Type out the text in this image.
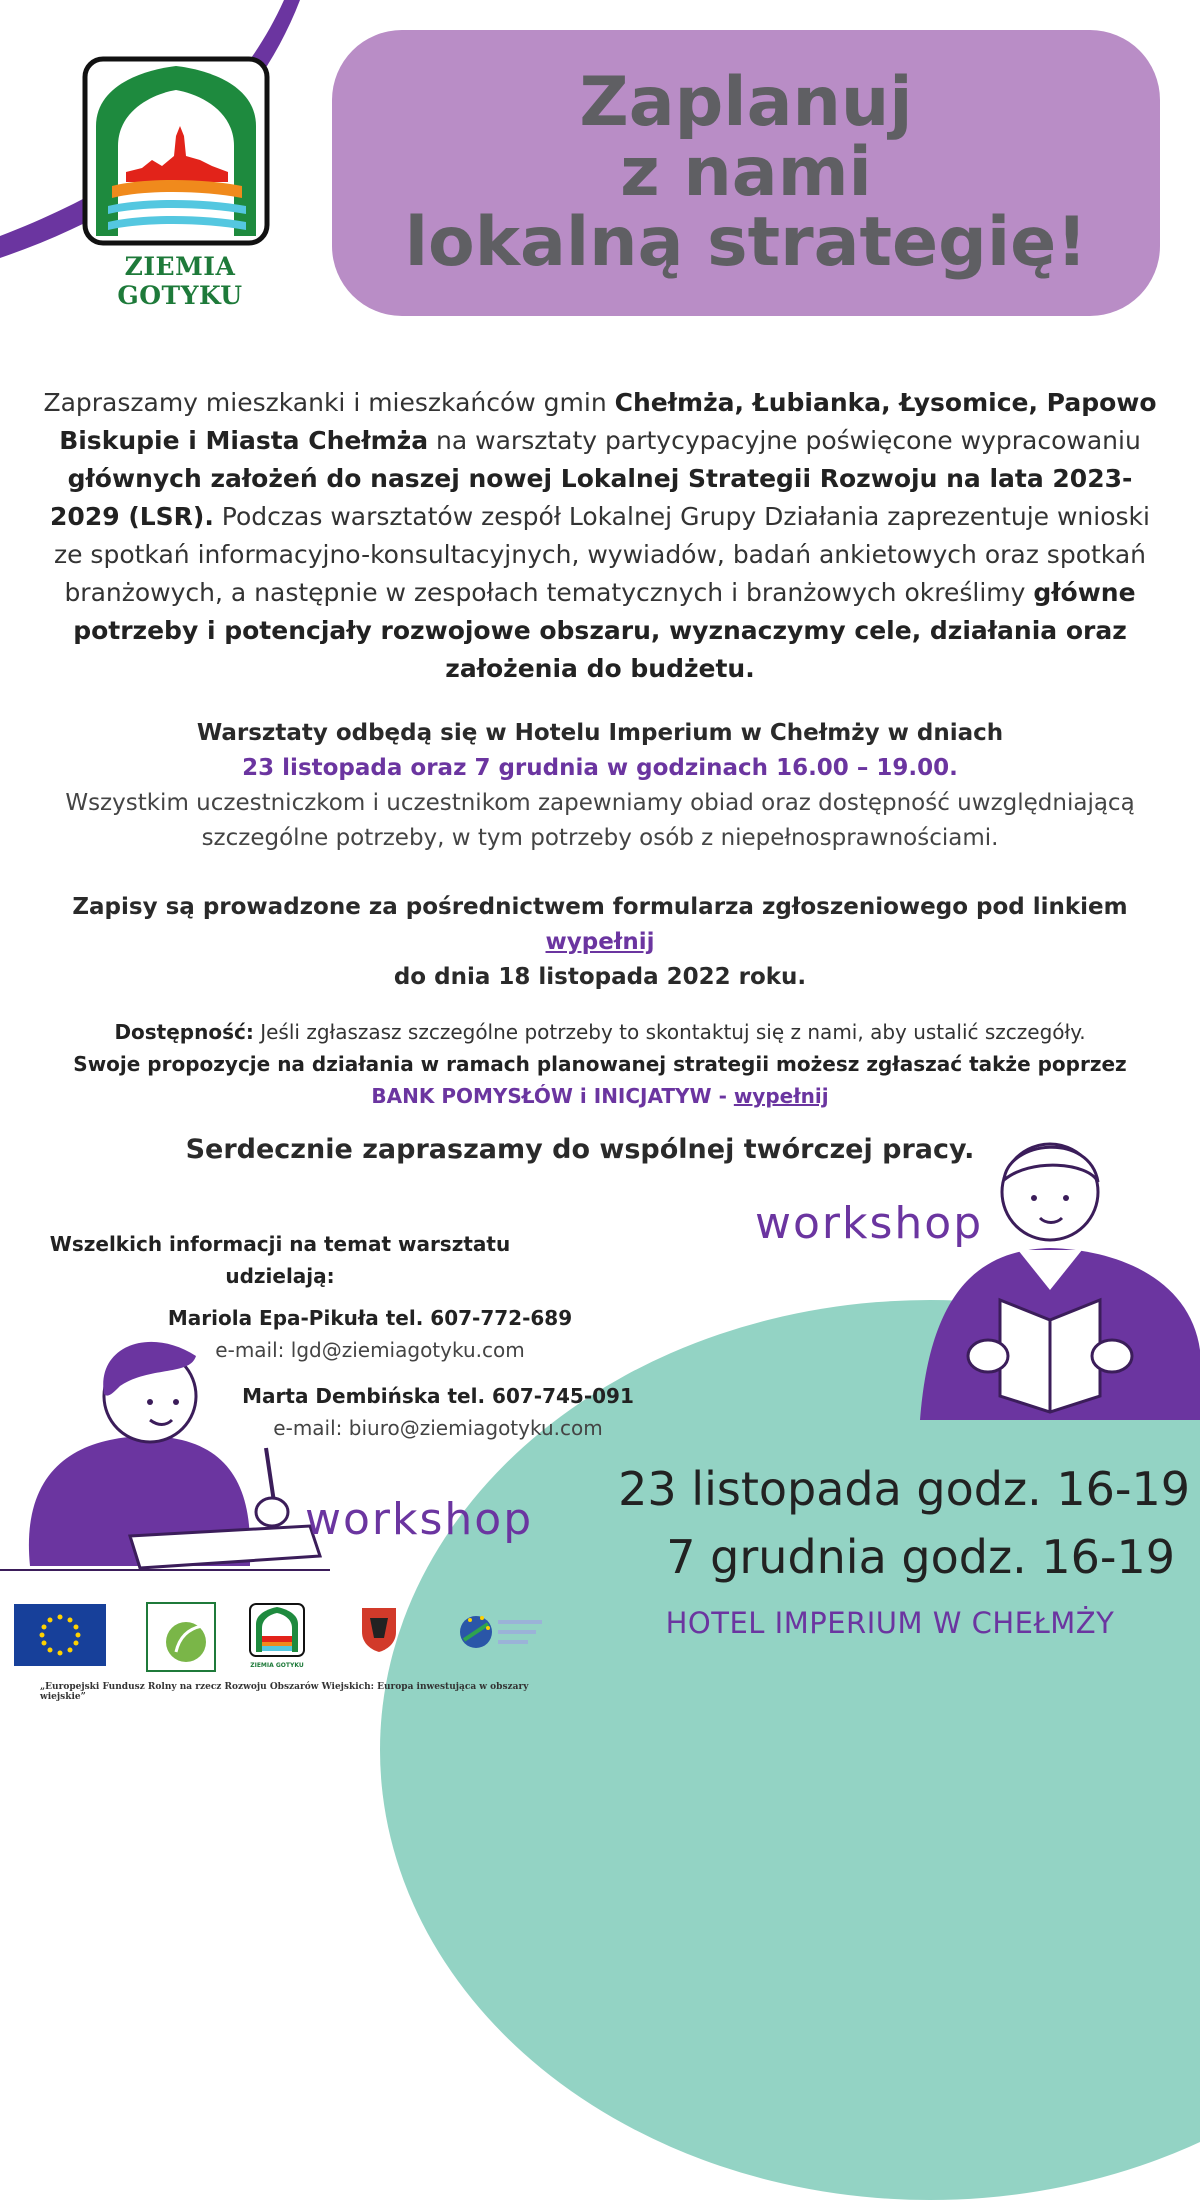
ZIEMIA GOTYKU
Zaplanuj
z nami
lokalną strategię!
Zapraszamy mieszkanki i mieszkańców gmin Chełmża, Łubianka, Łysomice, Papowo Biskupie i Miasta Chełmża na warsztaty partycypacyjne poświęcone wypracowaniu głównych założeń do naszej nowej Lokalnej Strategii Rozwoju na lata 2023-2029 (LSR). Podczas warsztatów zespół Lokalnej Grupy Działania zaprezentuje wnioski ze spotkań informacyjno-konsultacyjnych, wywiadów, badań ankietowych oraz spotkań branżowych, a następnie w zespołach tematycznych i branżowych określimy główne potrzeby i potencjały rozwojowe obszaru, wyznaczymy cele, działania oraz założenia do budżetu.
Warsztaty odbędą się w Hotelu Imperium w Chełmży w dniach
23 listopada oraz 7 grudnia w godzinach 16.00 – 19.00.
Wszystkim uczestniczkom i uczestnikom zapewniamy obiad oraz dostępność uwzględniającą szczególne potrzeby, w tym potrzeby osób z niepełnosprawnościami.
Zapisy są prowadzone za pośrednictwem formularza zgłoszeniowego pod linkiem
wypełnij
do dnia 18 listopada 2022 roku.
Dostępność: Jeśli zgłaszasz szczególne potrzeby to skontaktuj się z nami, aby ustalić szczegóły.
Swoje propozycje na działania w ramach planowanej strategii możesz zgłaszać także poprzez
BANK POMYSŁÓW i INICJATYW - wypełnij
Serdecznie zapraszamy do wspólnej twórczej pracy.
workshop
workshop
Wszelkich informacji na temat warsztatu udzielają:
Mariola Epa-Pikuła tel. 607-772-689
e-mail: lgd@ziemiagotyku.com
Marta Dembińska tel. 607-745-091
e-mail: biuro@ziemiagotyku.com
23 listopada godz. 16-19
7 grudnia godz. 16-19
HOTEL IMPERIUM W CHEŁMŻY
ZIEMIA GOTYKU
„Europejski Fundusz Rolny na rzecz Rozwoju Obszarów Wiejskich: Europa inwestująca w obszary wiejskie”
